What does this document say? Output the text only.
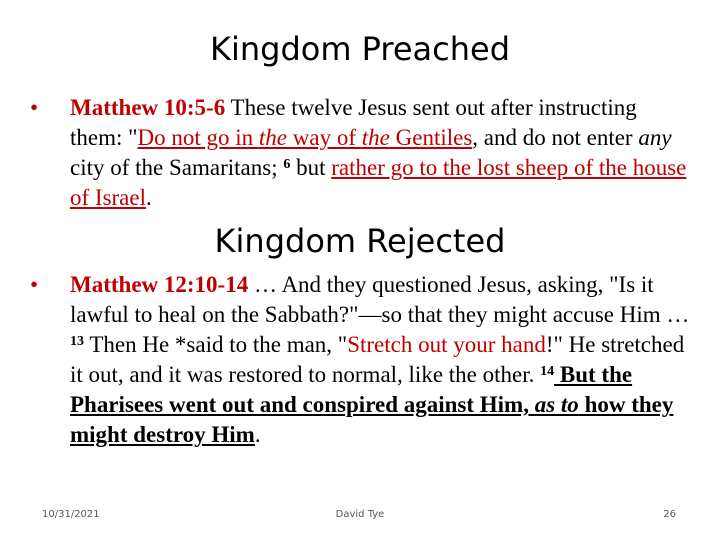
Kingdom Preached
•	Matthew 10:5-6 These twelve Jesus sent out after instructing them: "Do not go in the way of the Gentiles, and do not enter any city of the Samaritans; $^6$ but rather go to the lost sheep of the house of Israel.
Kingdom Rejected
•	Matthew 12:10-14 … And they questioned Jesus, asking, "Is it lawful to heal on the Sabbath?"—so that they might accuse Him … $^{13}$ Then He *said to the man, "Stretch out your hand!" He stretched it out, and it was restored to normal, like the other. $^{14}$ But the Pharisees went out and conspired against Him, as to how they might destroy Him.
10/31/2021	David Tye	26
